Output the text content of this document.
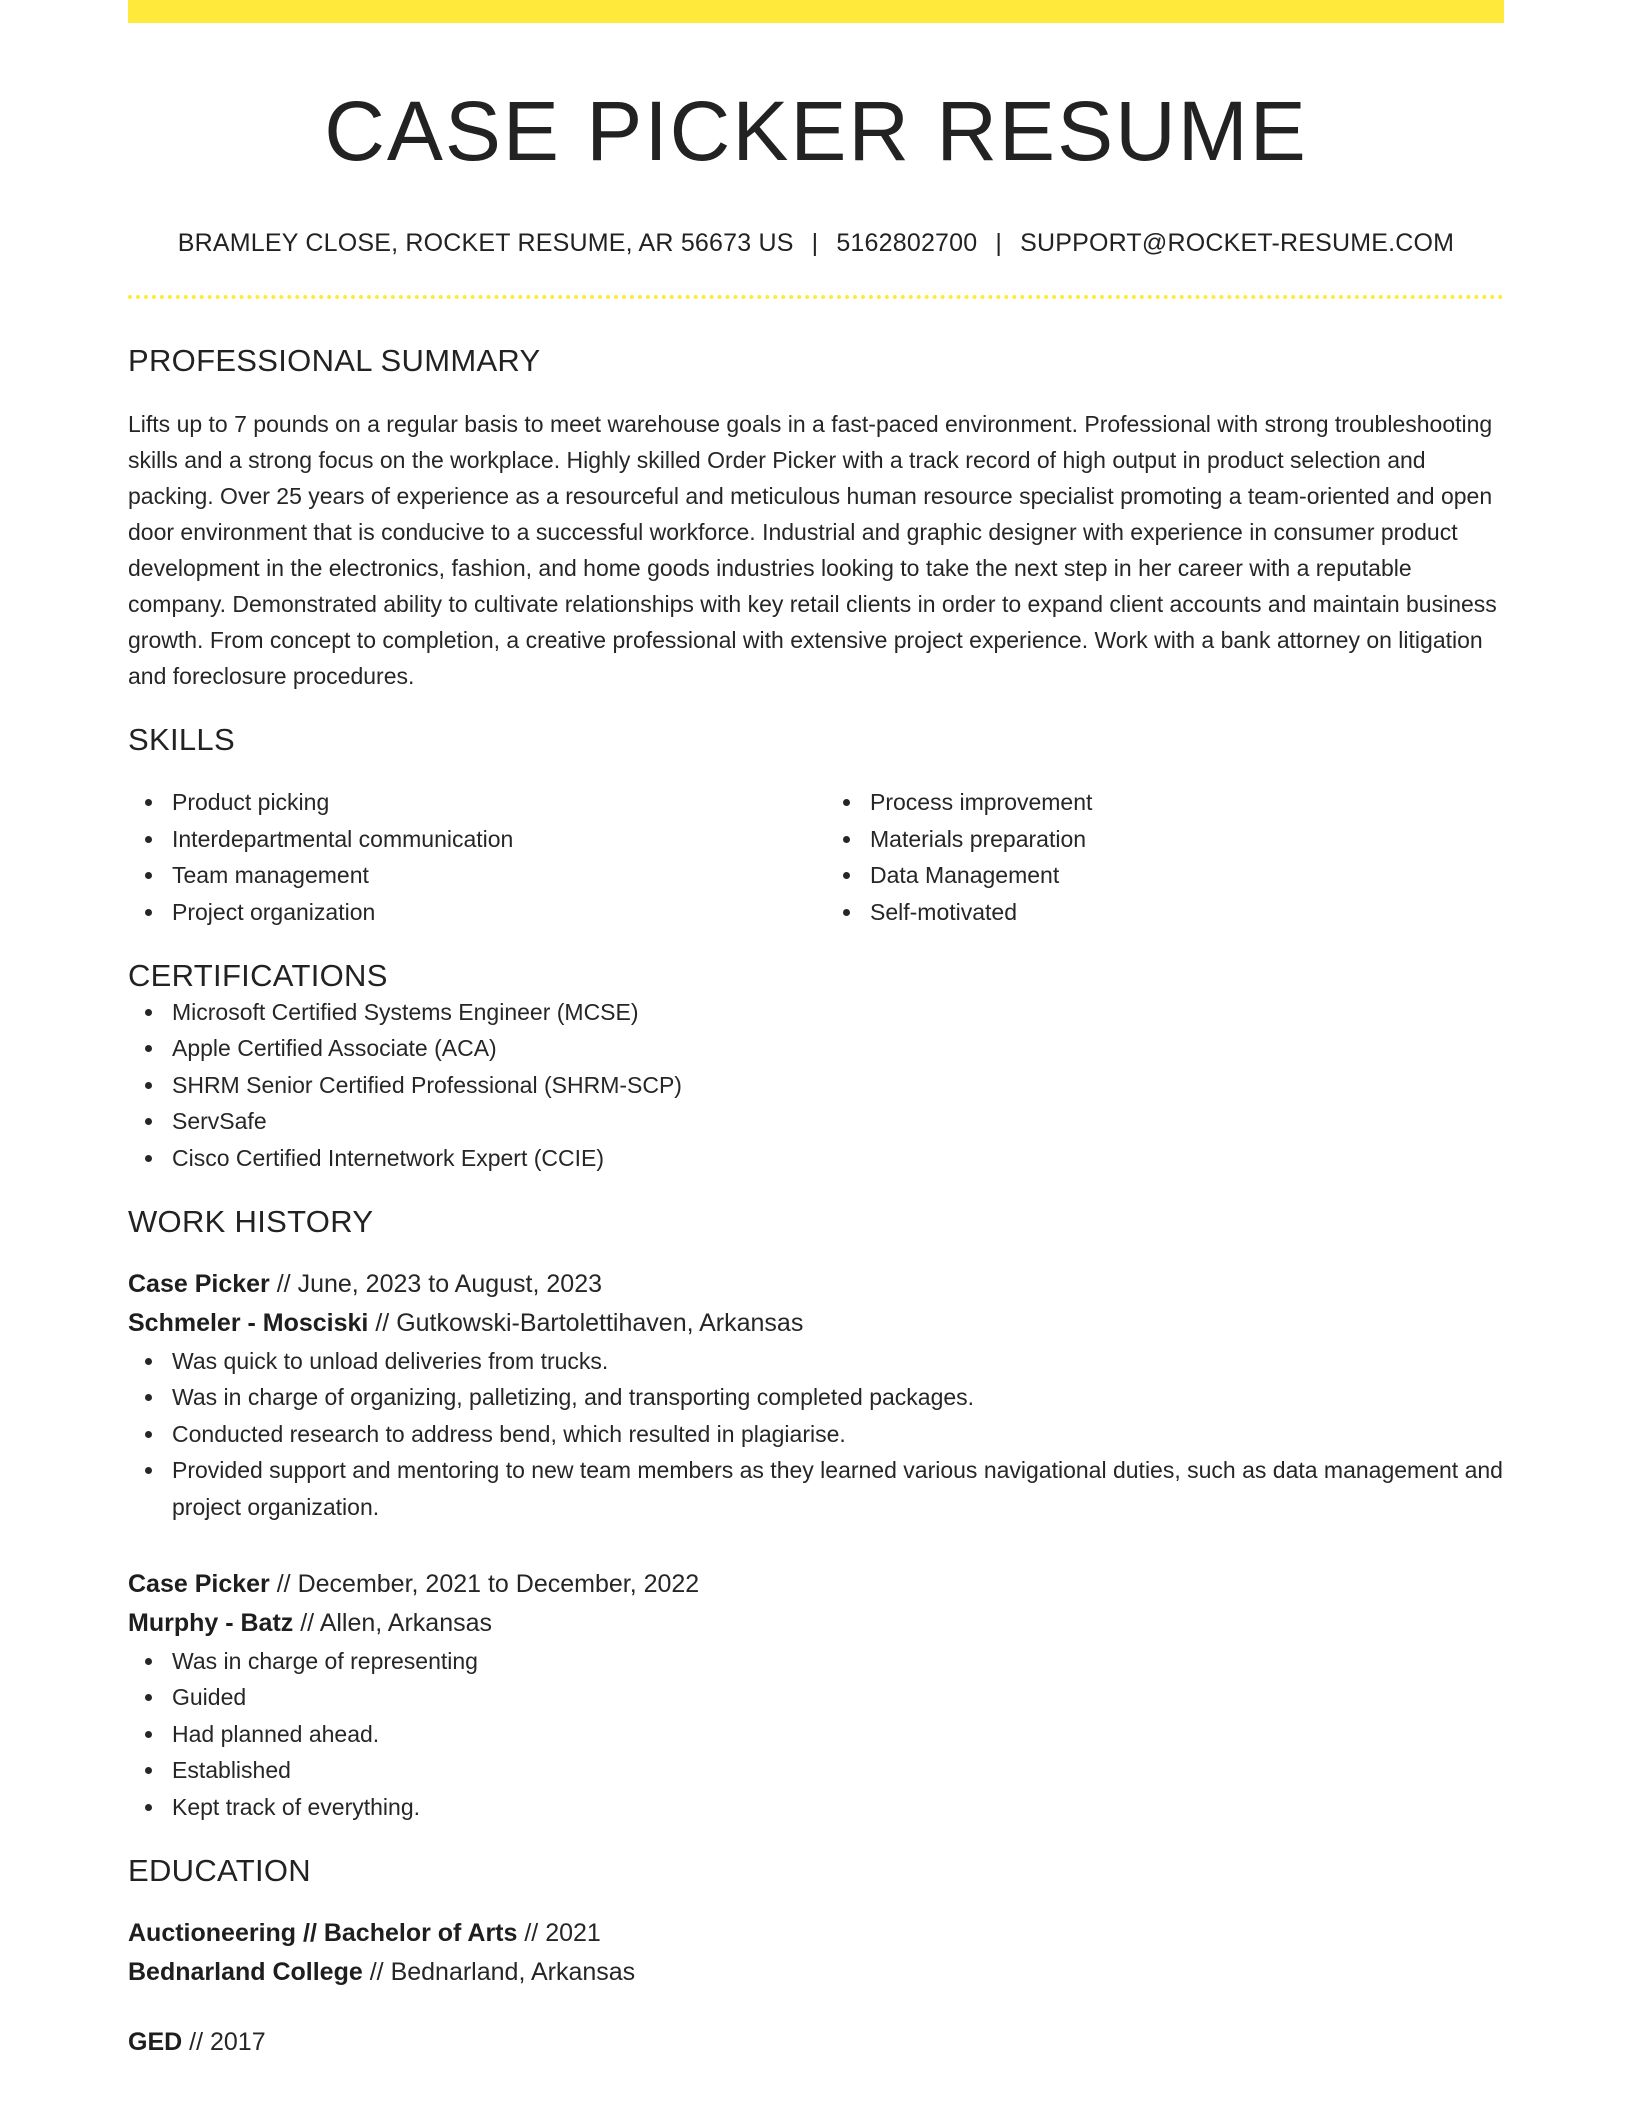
CASE PICKER RESUME
BRAMLEY CLOSE, ROCKET RESUME, AR 56673 US | 5162802700 | SUPPORT@ROCKET-RESUME.COM
PROFESSIONAL SUMMARY

Lifts up to 7 pounds on a regular basis to meet warehouse goals in a fast-paced environment. Professional with strong troubleshooting skills and a strong focus on the workplace. Highly skilled Order Picker with a track record of high output in product selection and packing. Over 25 years of experience as a resourceful and meticulous human resource specialist promoting a team-oriented and open door environment that is conducive to a successful workforce. Industrial and graphic designer with experience in consumer product development in the electronics, fashion, and home goods industries looking to take the next step in her career with a reputable company. Demonstrated ability to cultivate relationships with key retail clients in order to expand client accounts and maintain business growth. From concept to completion, a creative professional with extensive project experience. Work with a bank attorney on litigation and foreclosure procedures.

SKILLS
Product picking
Interdepartmental communication
Team management
Project organization
Process improvement
Materials preparation
Data Management
Self-motivated
CERTIFICATIONS
Microsoft Certified Systems Engineer (MCSE)
Apple Certified Associate (ACA)
SHRM Senior Certified Professional (SHRM-SCP)
ServSafe
Cisco Certified Internetwork Expert (CCIE)
WORK HISTORY
Case Picker // June, 2023 to August, 2023
Schmeler - Mosciski // Gutkowski-Bartolettihaven, Arkansas
Was quick to unload deliveries from trucks.
Was in charge of organizing, palletizing, and transporting completed packages.
Conducted research to address bend, which resulted in plagiarise.
Provided support and mentoring to new team members as they learned various navigational duties, such as data management and project organization.
Case Picker // December, 2021 to December, 2022
Murphy - Batz // Allen, Arkansas
Was in charge of representing
Guided
Had planned ahead.
Established
Kept track of everything.
EDUCATION
Auctioneering // Bachelor of Arts // 2021
Bednarland College // Bednarland, Arkansas
GED // 2017
